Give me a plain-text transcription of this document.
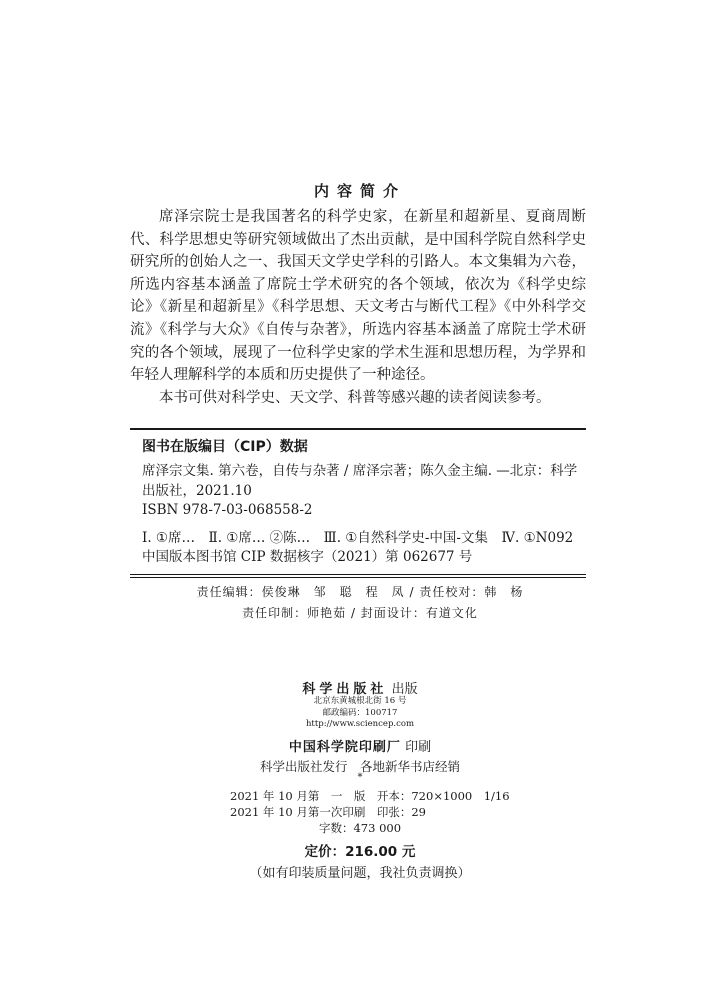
内容简介

席泽宗院士是我国著名的科学史家，在新星和超新星、夏商周断代、科学思想史等研究领域做出了杰出贡献，是中国科学院自然科学史研究所的创始人之一、我国天文学史学科的引路人。本文集辑为六卷，所选内容基本涵盖了席院士学术研究的各个领域，依次为《科学史综论》《新星和超新星》《科学思想、天文考古与断代工程》《中外科学交流》《科学与大众》《自传与杂著》，所选内容基本涵盖了席院士学术研究的各个领域，展现了一位科学史家的学术生涯和思想历程，为学界和年轻人理解科学的本质和历史提供了一种途径。

本书可供对科学史、天文学、科普等感兴趣的读者阅读参考。

图书在版编目（CIP）数据
席泽宗文集. 第六卷，自传与杂著 / 席泽宗著；陈久金主编. —北京：科学出版社，2021.10
ISBN 978-7-03-068558-2
Ⅰ. ①席…　Ⅱ. ①席… ②陈…　Ⅲ. ①自然科学史-中国-文集　Ⅳ. ①N092
中国版本图书馆 CIP 数据核字（2021）第 062677 号
责任编辑：侯俊琳　邹　聪　程　凤 / 责任校对：韩　杨
责任印制：师艳茹 / 封面设计：有道文化
科学出版社 出版
北京东黄城根北街 16 号
邮政编码：100717
http://www.sciencep.com
中国科学院印刷厂 印刷
科学出版社发行　各地新华书店经销
*
2021 年 10 月第　一　版　开本：720×1000　1/16
2021 年 10 月第一次印刷　印张：29
字数：473 000
定价：216.00 元
（如有印装质量问题，我社负责调换）
